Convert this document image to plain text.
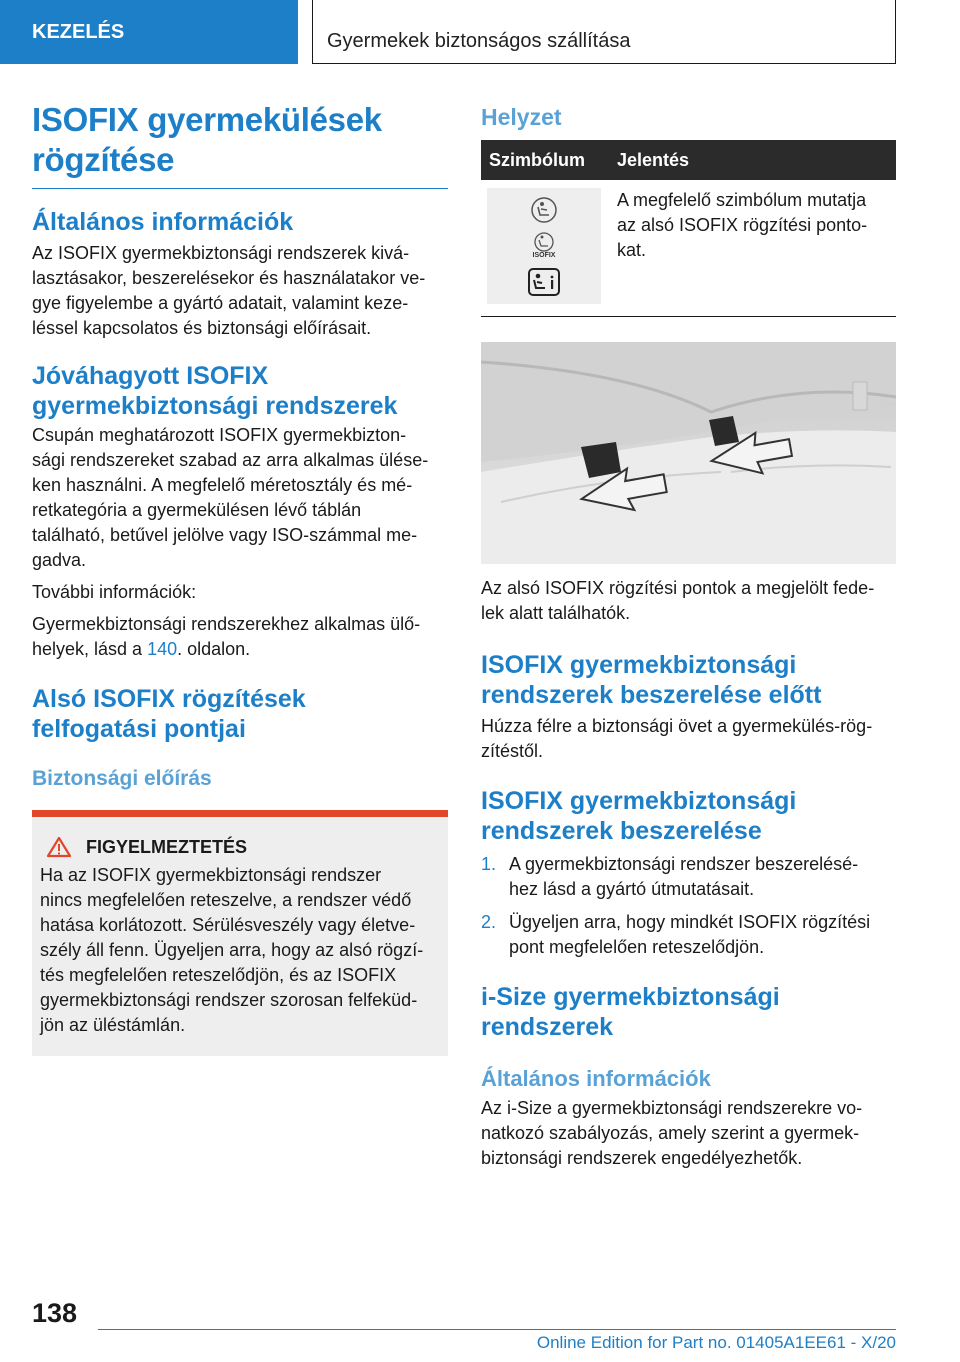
KEZELÉS	Gyermekek biztonságos szállítása
ISOFIX gyermekülések
rögzítése
Általános információk

Az ISOFIX gyermekbiztonsági rendszerek kivá-
lasztásakor, beszerelésekor és használatakor ve-
gye figyelembe a gyártó adatait, valamint keze-
léssel kapcsolatos és biztonsági előírásait.

Jóváhagyott ISOFIX
gyermekbiztonsági rendszerek

Csupán meghatározott ISOFIX gyermekbizton-
sági rendszereket szabad az arra alkalmas ülése-
ken használni. A megfelelő méretosztály és mé-
retkategória a gyermekülésen lévő táblán
található, betűvel jelölve vagy ISO-számmal me-
gadva.

További információk:

Gyermekbiztonsági rendszerekhez alkalmas ülő-
helyek, lásd a 140. oldalon.

Alsó ISOFIX rögzítések
felfogatási pontjai
Biztonsági előírás
FIGYELMEZTETÉS

Ha az ISOFIX gyermekbiztonsági rendszer
nincs megfelelően reteszelve, a rendszer védő
hatása korlátozott. Sérülésveszély vagy életve-
szély áll fenn. Ügyeljen arra, hogy az alsó rögzí-
tés megfelelően reteszelődjön, és az ISOFIX
gyermekbiztonsági rendszer szorosan felfeküd-
jön az üléstámlán.

Helyzet
Szimbólum	Jelentés

ISOFIX	A megfelelő szimbólum mutatja
az alsó ISOFIX rögzítési ponto-
kat.

Az alsó ISOFIX rögzítési pontok a megjelölt fede-
lek alatt találhatók.

ISOFIX gyermekbiztonsági
rendszerek beszerelése előtt

Húzza félre a biztonsági övet a gyermekülés-rög-
zítéstől.

ISOFIX gyermekbiztonsági
rendszerek beszerelése
1. A gyermekbiztonsági rendszer beszerelésé-
hez lásd a gyártó útmutatásait.
2. Ügyeljen arra, hogy mindkét ISOFIX rögzítési
pont megfelelően reteszelődjön.
i-Size gyermekbiztonsági
rendszerek
Általános információk

Az i-Size a gyermekbiztonsági rendszerekre vo-
natkozó szabályozás, amely szerint a gyermek-
biztonsági rendszerek engedélyezhetők.

138
Online Edition for Part no. 01405A1EE61 - X/20
